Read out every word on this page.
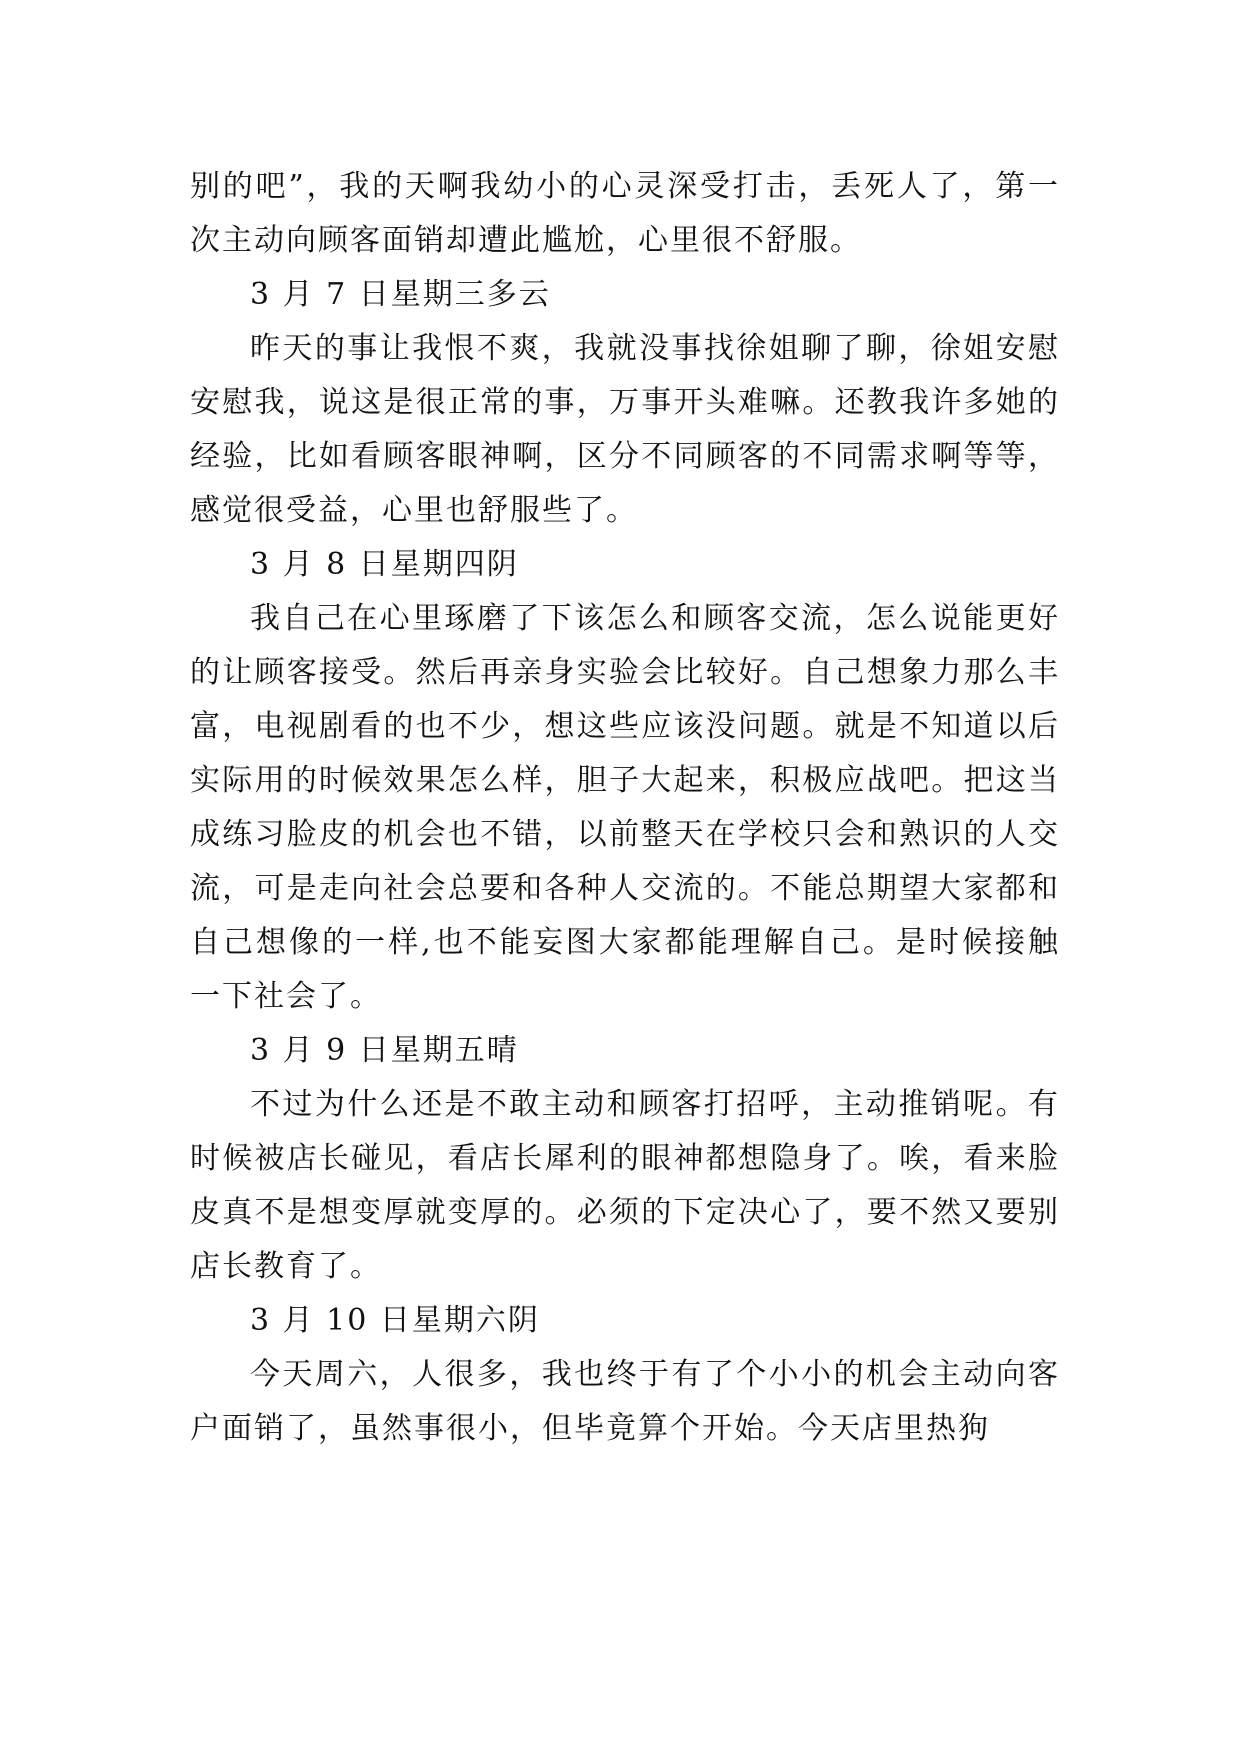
别的吧”，我的天啊我幼小的心灵深受打击，丢死人了，第一次主动向顾客面销却遭此尴尬，心里很不舒服。

3 月 7 日星期三多云

昨天的事让我恨不爽，我就没事找徐姐聊了聊，徐姐安慰安慰我，说这是很正常的事，万事开头难嘛。还教我许多她的经验，比如看顾客眼神啊，区分不同顾客的不同需求啊等等，感觉很受益，心里也舒服些了。

3 月 8 日星期四阴

我自己在心里琢磨了下该怎么和顾客交流，怎么说能更好的让顾客接受。然后再亲身实验会比较好。自己想象力那么丰富，电视剧看的也不少，想这些应该没问题。就是不知道以后实际用的时候效果怎么样，胆子大起来，积极应战吧。把这当成练习脸皮的机会也不错，以前整天在学校只会和熟识的人交流，可是走向社会总要和各种人交流的。不能总期望大家都和自己想像的一样,也不能妄图大家都能理解自己。是时候接触一下社会了。

3 月 9 日星期五晴

不过为什么还是不敢主动和顾客打招呼，主动推销呢。有时候被店长碰见，看店长犀利的眼神都想隐身了。唉，看来脸皮真不是想变厚就变厚的。必须的下定决心了，要不然又要别店长教育了。

3 月 10 日星期六阴

今天周六，人很多，我也终于有了个小小的机会主动向客户面销了，虽然事很小，但毕竟算个开始。今天店里热狗
